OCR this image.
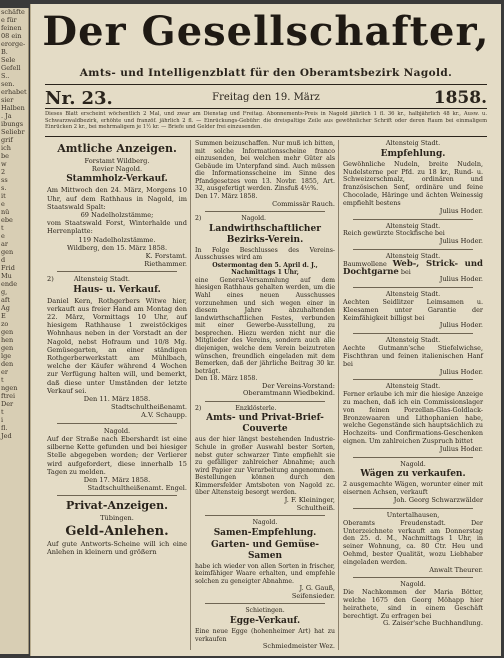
schäfte
e für
feinen
08 ein
erorge-
B.
Sele
Gefell
S..
sen.
erhabet
sier
Halben
. Ja
ibungs
Seliebr
grif
ich
be
w
2
ss
s.
it
e
nü
ebe
t
e
ar
gen
d
Frid
Mu
ende
g,
aft
Ag
E
zo
gen
hen
gen
lge
den
er
t
ngen
ftrei
Der
t
i
fl.
Jed
Der Gesellschafter,
Amts- und Intelligenzblatt für den Oberamtsbezirk Nagold.
Nr. 23.	Freitag den 19. März	1858.
Dieses Blatt erscheint wöchentlich 2 Mal, und zwar am Dienstag und Freitag. Abonnements-Preis in Nagold jährlich 1 fl. 36 kr., halbjährlich 48 kr., Ausw. u. Schwarzwaldbezirk, erhöhte und franzöf. jährlich 2 fl. — Einrückungs-Gebühr: die dreispaltige Zeile aus gewöhnlicher Schrift oder deren Raum bei einmaligem Einrücken 2 kr., bei mehrmaligem je 1½ kr. — Briefe und Gelder frei einzusenden.
Amtliche Anzeigen.
Forstamt Wildberg.
Revier Nagold.
Stammholz-Verkauf.

Am Mittwoch den 24. März, Morgens 10 Uhr, auf dem Rathhaus in Nagold, im Staatswald Spalt:

69 Nadelholzstämme;

vom Staatswald Forst, Winterhalde und Herrenplatte:

119 Nadelholzstämme.
Wildberg, den 15. März 1858.
K. Forstamt.
Riethammer.
2)	Altensteig Stadt.
Haus- u. Verkauf.

Daniel Kern, Rothgerbers Witwe hier, verkauft aus freier Hand am Montag den 22. März, Vormittags 10 Uhr, auf hiesigem Rathhause 1 zweistöckiges Wohnhaus neben in der Vorstadt an der Nagold, nebst Hofraum und 10/8 Mg. Gemüsegarten, an einer ständigen Rothgerberwerkstatt am Mühlbach, welche der Käufer während 4 Wochen zur Verfügung halten will, und bemerkt, daß diese unter Umständen der letzte Verkauf sei.

Den 11. März 1858.
Stadtschultheißenamt.
A.V. Schaupp.
Nagold.

Auf der Straße nach Ebershardt ist eine silberne Kette gefunden und bei hiesiger Stelle abgegeben worden; der Verlierer wird aufgefordert, diese innerhalb 15 Tagen zu melden.

Den 17. März 1858.
Stadtschultheißenamt. Engel.
Privat-Anzeigen.
Tübingen.
Geld-Anlehen.

Auf gute Antworts-Scheine will ich eine Anlehen in kleinern und größern

Summen beizuschaffen. Nur muß ich bitten, mit solche Informationsscheine franco einzusenden, bei welchen mehr Güter als Gebäude im Unterpfand sind. Auch müssen die Informationsscheine im Sinne des Pfandgesetzes vom 13. Novbr. 1855, Art. 32, ausgefertigt werden. Zinsfuß 4½%.

Den 17. März 1858.
Commissär Rauch.
2)	Nagold.
Landwirthschaftlicher Bezirks-Verein.

In Folge Beschlusses des Vereins-Ausschusses wird am

Ostermontag den 5. April d. J., Nachmittags 1 Uhr,

eine General-Versammlung auf dem hiesigen Rathhaus gehalten werden, um die Wahl eines neuen Ausschusses vorzunehmen und sich wegen einer in diesem Jahre abzuhaltenden landwirthschaftlichen Festes, verbunden mit einer Gewerbe-Ausstellung, zu besprechen. Hiezu werden nicht nur die Mitglieder des Vereins, sondern auch alle diejenigen, welche dem Verein beizutreten wünschen, freundlich eingeladen mit dem Bemerken, daß der jährliche Beitrag 30 kr. beträgt.

Den 18. März 1858.
Der Vereins-Vorstand:
Oberamtmann Wiedbekind.
2)	Enzklösterle.
Amts- und Privat-Brief-Couverte

aus der hier längst bestehenden Industrie-Schule in großer Auswahl bester Sorten, nebst guter schwarzer Tinte empfiehlt sie zu gefälliger zahlreicher Abnahme; auch wird Papier zur Verarbeitung angenommen. Bestellungen können durch den Kimmersfelder Amtsboten von Nagold zc. über Altensteig besorgt werden.

J. F. Kleininger,
Schultheiß.
Nagold.
Samen-Empfehlung.
Garten- und Gemüse-Samen

habe ich wieder von allen Sorten in frischer, keimfähiger Waare erhalten, und empfehle solchen zu geneigter Abnahme.

J. G. Gauß,
Seifensieder.
Schietingen.
Egge-Verkauf.

Eine neue Egge (hohenheimer Art) hat zu verkaufen

Schmiedmeister Wez.
Altensteig Stadt.
Empfehlung.

Gewöhnliche Nudeln, breite Nudeln, Nudelsterne per Pfd. zu 18 kr., Rund- u. Schweizerschmalz, ordinären und französischen Senf, ordinäre und feine Chocolade, Häringe und ächten Weinessig empfiehlt bestens

Julius Hoder.
Altensteig Stadt.

Reich gewürzte Stockfische bei

Julius Hoder.
Altensteig Stadt.

Baumwollene Web-, Strick- und Dochtgarne bei

Julius Hoder.
Altensteig Stadt.

Aechten Seidlitzer Leimsamen u. Kleesamen unter Garantie der Keimfähigkeit billigst bei

Julius Hoder.
Altensteig Stadt.

Aechte Gutmann'sche Stiefelwichse, Fischthran und feinen italienischen Hanf bei

Julius Hoder.
Altensteig Stadt.

Ferner erlaube ich mir die hiesige Anzeige zu machen, daß ich ein Commissionslager von feinen Porzellan-Glas-Goldlack-Bronzewaaren und Lithophanien habe, welche Gegenstände sich hauptsächlich zu Hochzeits- und Confirmations-Geschenken eignen. Um zahlreichen Zuspruch bittet

Julius Hoder.
Nagold.
Wägen zu verkaufen.

2 ausgemachte Wägen, worunter einer mit eisernen Achsen, verkauft

Joh. Georg Schwarzwälder
Untertalhausen,

Oberamts Freudenstadt. Der Unterzeichnete verkauft am Donnerstag den 25. d. M., Nachmittags 1 Uhr, in seiner Wohnung, ca. 80 Ctr. Heu und Oehmd, bester Qualität, wozu Liebhaber eingeladen werden.

Anwalt Theurer.
Nagold.

Die Nachkommen der Maria Bötter, welche 1675 den Georg Möhapp hier heirathete, sind in einem Geschäft berechtigt. Zu erfragen bei

G. Zaiser'sche Buchhandlung.
